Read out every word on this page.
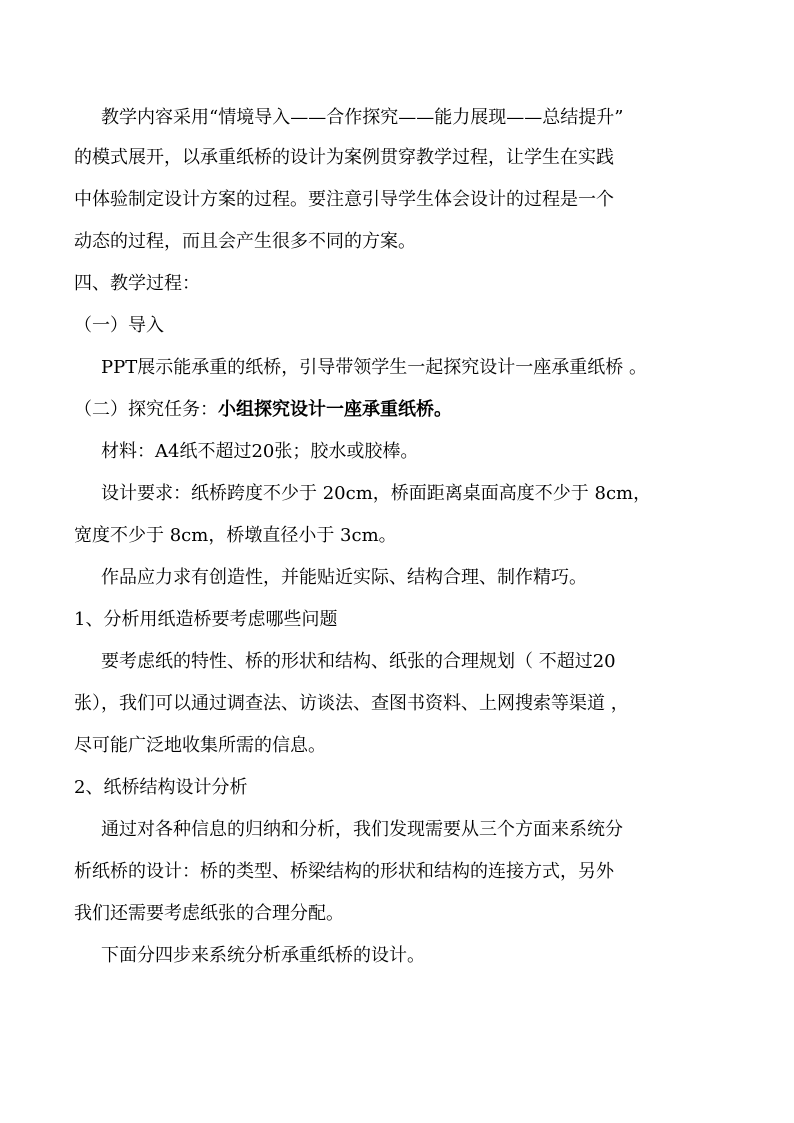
教学内容采用“情境导入——合作探究——能力展现——总结提升”
的模式展开，以承重纸桥的设计为案例贯穿教学过程，让学生在实践
中体验制定设计方案的过程。要注意引导学生体会设计的过程是一个
动态的过程，而且会产生很多不同的方案。
四、教学过程：
（一）导入
PPT展示能承重的纸桥，引导带领学生一起探究设计一座承重纸桥 。
（二）探究任务：小组探究设计一座承重纸桥。
材料：A4纸不超过20张；胶水或胶棒。
设计要求：纸桥跨度不少于 20cm，桥面距离桌面高度不少于 8cm，
宽度不少于 8cm，桥墩直径小于 3cm。
作品应力求有创造性，并能贴近实际、结构合理、制作精巧。
1、分析用纸造桥要考虑哪些问题
要考虑纸的特性、桥的形状和结构、纸张的合理规划（ 不超过20
张），我们可以通过调查法、访谈法、查图书资料、上网搜索等渠道 ，
尽可能广泛地收集所需的信息。
2、纸桥结构设计分析
通过对各种信息的归纳和分析，我们发现需要从三个方面来系统分
析纸桥的设计：桥的类型、桥梁结构的形状和结构的连接方式，另外
我们还需要考虑纸张的合理分配。
下面分四步来系统分析承重纸桥的设计。
